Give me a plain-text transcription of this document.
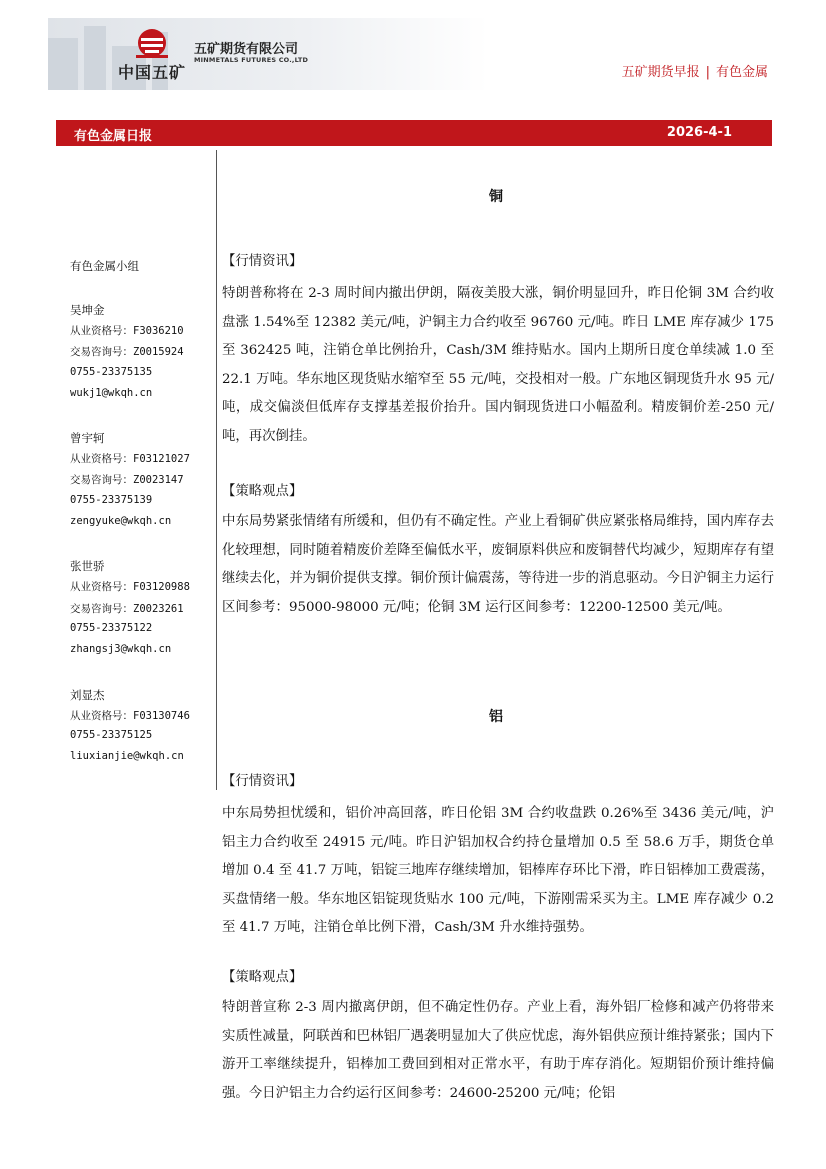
中国五矿
五矿期货有限公司
MINMETALS FUTURES CO.,LTD
五矿期货早报 | 有色金属
有色金属日报	2026-4-1
有色金属小组
吴坤金
从业资格号：F3036210
交易咨询号：Z0015924
0755-23375135
wukj1@wkqh.cn
曾宇轲
从业资格号：F03121027
交易咨询号：Z0023147
0755-23375139
zengyuke@wkqh.cn
张世骄
从业资格号：F03120988
交易咨询号：Z0023261
0755-23375122
zhangsj3@wkqh.cn
刘显杰
从业资格号：F03130746
0755-23375125
liuxianjie@wkqh.cn
铜
【行情资讯】
特朗普称将在 2-3 周时间内撤出伊朗，隔夜美股大涨，铜价明显回升，昨日伦铜 3M 合约收盘涨 1.54%至 12382 美元/吨，沪铜主力合约收至 96760 元/吨。昨日 LME 库存减少 175 至 362425 吨，注销仓单比例抬升，Cash/3M 维持贴水。国内上期所日度仓单续减 1.0 至 22.1 万吨。华东地区现货贴水缩窄至 55 元/吨，交投相对一般。广东地区铜现货升水 95 元/吨，成交偏淡但低库存支撑基差报价抬升。国内铜现货进口小幅盈利。精废铜价差-250 元/吨，再次倒挂。
【策略观点】
中东局势紧张情绪有所缓和，但仍有不确定性。产业上看铜矿供应紧张格局维持，国内库存去化较理想，同时随着精废价差降至偏低水平，废铜原料供应和废铜替代均减少，短期库存有望继续去化，并为铜价提供支撑。铜价预计偏震荡，等待进一步的消息驱动。今日沪铜主力运行区间参考：95000-98000 元/吨；伦铜 3M 运行区间参考：12200-12500 美元/吨。
铝
【行情资讯】
中东局势担忧缓和，铝价冲高回落，昨日伦铝 3M 合约收盘跌 0.26%至 3436 美元/吨，沪铝主力合约收至 24915 元/吨。昨日沪铝加权合约持仓量增加 0.5 至 58.6 万手，期货仓单增加 0.4 至 41.7 万吨，铝锭三地库存继续增加，铝棒库存环比下滑，昨日铝棒加工费震荡，买盘情绪一般。华东地区铝锭现货贴水 100 元/吨，下游刚需采买为主。LME 库存减少 0.2 至 41.7 万吨，注销仓单比例下滑，Cash/3M 升水维持强势。
【策略观点】
特朗普宣称 2-3 周内撤离伊朗，但不确定性仍存。产业上看，海外铝厂检修和减产仍将带来实质性减量，阿联酋和巴林铝厂遇袭明显加大了供应忧虑，海外铝供应预计维持紧张；国内下游开工率继续提升，铝棒加工费回到相对正常水平，有助于库存消化。短期铝价预计维持偏强。今日沪铝主力合约运行区间参考：24600-25200 元/吨；伦铝
